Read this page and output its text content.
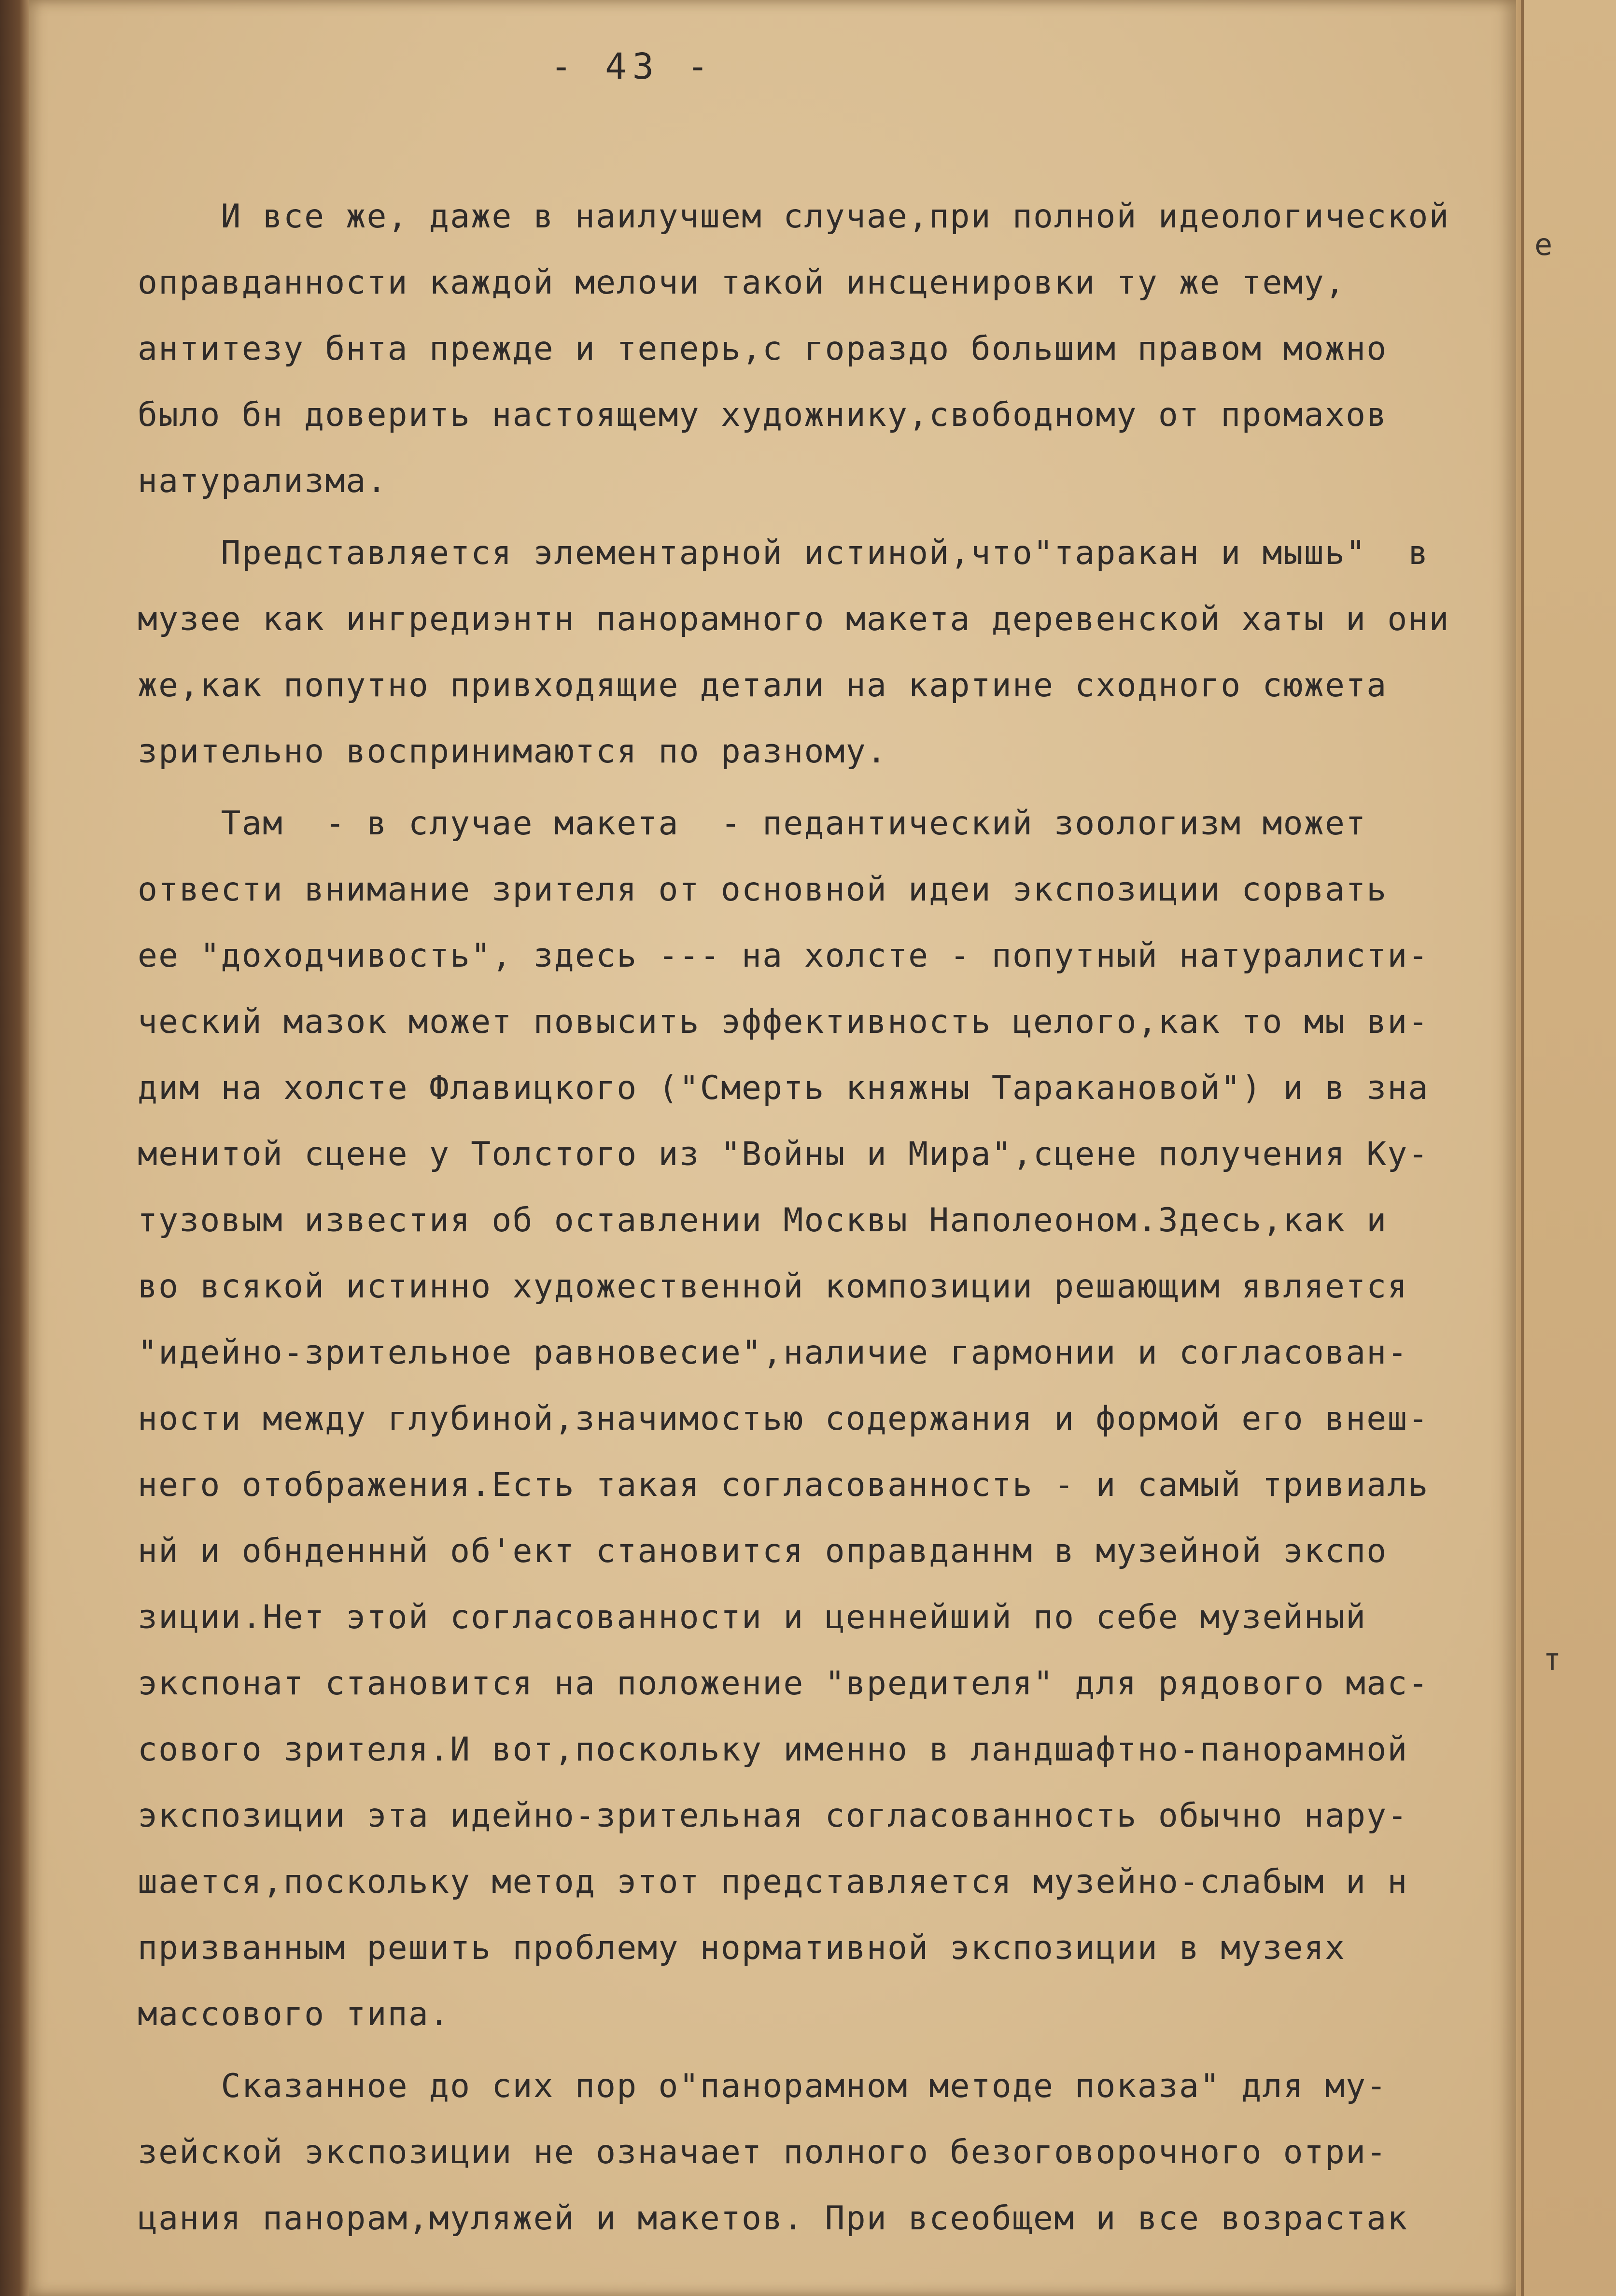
е
т
- 43 -
И все же, даже в наилучшем случае,при полной идеологической
оправданности каждой мелочи такой инсценировки ту же тему,
антитезу бнта прежде и теперь,с гораздо большим правом можно
было бн доверить настоящему художнику,свободному от промахов
натурализма.
Представляется элементарной истиной,что"таракан и мышь"  в
музее как ингредиэнтн панорамного макета деревенской хаты и они
же,как попутно привходящие детали на картине сходного сюжета
зрительно воспринимаются по разному.
Там  - в случае макета  - педантический зоологизм может
отвести внимание зрителя от основной идеи экспозиции сорвать
ее "доходчивость", здесь --- на холсте - попутный натуралисти-
ческий мазок может повысить эффективность целого,как то мы ви-
дим на холсте Флавицкого ("Смерть княжны Таракановой") и в зна
менитой сцене у Толстого из "Войны и Мира",сцене получения Ку-
тузовым известия об оставлении Москвы Наполеоном.Здесь,как и
во всякой истинно художественной композиции решающим является
"идейно-зрительное равновесие",наличие гармонии и согласован-
ности между глубиной,значимостью содержания и формой его внеш-
него отображения.Есть такая согласованность - и самый тривиаль
нй и обнденннй об'ект становится оправданнм в музейной экспо
зиции.Нет этой согласованности и ценнейший по себе музейный
экспонат становится на положение "вредителя" для рядового мас-
сового зрителя.И вот,поскольку именно в ландшафтно-панорамной
экспозиции эта идейно-зрительная согласованность обычно нару-
шается,поскольку метод этот представляется музейно-слабым и н
призванным решить проблему нормативной экспозиции в музеях
массового типа.
Сказанное до сих пор о"панорамном методе показа" для му-
зейской экспозиции не означает полного безоговорочного отри-
цания панорам,муляжей и макетов. При всеобщем и все возрастак
